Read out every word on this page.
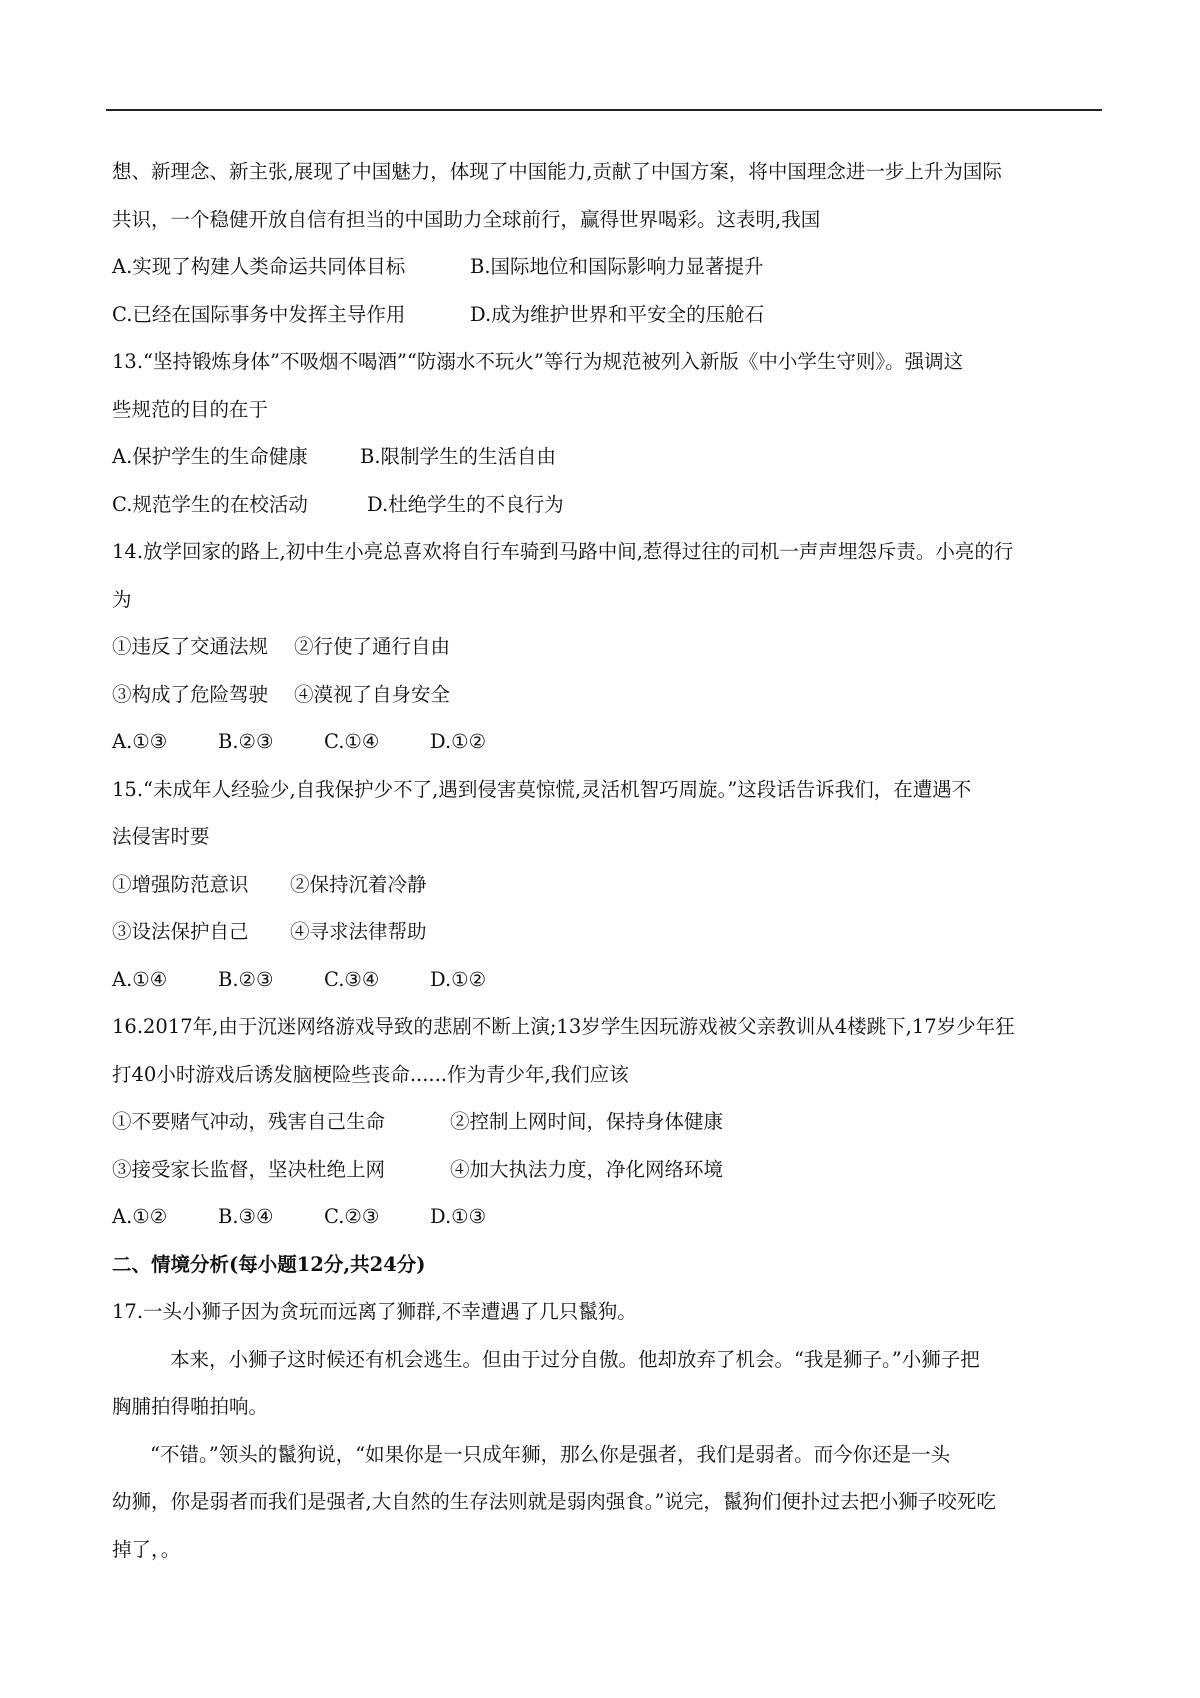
想、新理念、新主张,展现了中国魅力，体现了中国能力,贡献了中国方案，将中国理念进一步上升为国际
共识，一个稳健开放自信有担当的中国助力全球前行，赢得世界喝彩。这表明,我国
A.实现了构建人类命运共同体目标	B.国际地位和国际影响力显著提升
C.已经在国际事务中发挥主导作用	D.成为维护世界和平安全的压舱石
13.“坚持锻炼身体”不吸烟不喝酒”“防溺水不玩火”等行为规范被列入新版《中小学生守则》。强调这
些规范的目的在于
A.保护学生的生命健康	B.限制学生的生活自由
C.规范学生的在校活动	D.杜绝学生的不良行为
14.放学回家的路上,初中生小亮总喜欢将自行车骑到马路中间,惹得过往的司机一声声埋怨斥责。小亮的行
为
①违反了交通法规	②行使了通行自由
③构成了危险驾驶	④漠视了自身安全
A.①③	B.②③	C.①④	D.①②
15.“未成年人经验少,自我保护少不了,遇到侵害莫惊慌,灵活机智巧周旋。”这段话告诉我们，在遭遇不
法侵害时要
①增强防范意识	②保持沉着冷静
③设法保护自己	④寻求法律帮助
A.①④	B.②③	C.③④	D.①②
16.2017年,由于沉迷网络游戏导致的悲剧不断上演;13岁学生因玩游戏被父亲教训从4楼跳下,17岁少年狂
打40小时游戏后诱发脑梗险些丧命......作为青少年,我们应该
①不要赌气冲动，残害自己生命	②控制上网时间，保持身体健康
③接受家长监督，坚决杜绝上网	④加大执法力度，净化网络环境
A.①②	B.③④	C.②③	D.①③
二、情境分析(每小题12分,共24分)
17.一头小狮子因为贪玩而远离了狮群,不幸遭遇了几只鬣狗。
本来，小狮子这时候还有机会逃生。但由于过分自傲。他却放弃了机会。“我是狮子。”小狮子把
胸脯拍得啪拍响。
“不错。”领头的鬣狗说，“如果你是一只成年狮，那么你是强者，我们是弱者。而今你还是一头
幼狮，你是弱者而我们是强者,大自然的生存法则就是弱肉强食。”说完，鬣狗们便扑过去把小狮子咬死吃
掉了，。
